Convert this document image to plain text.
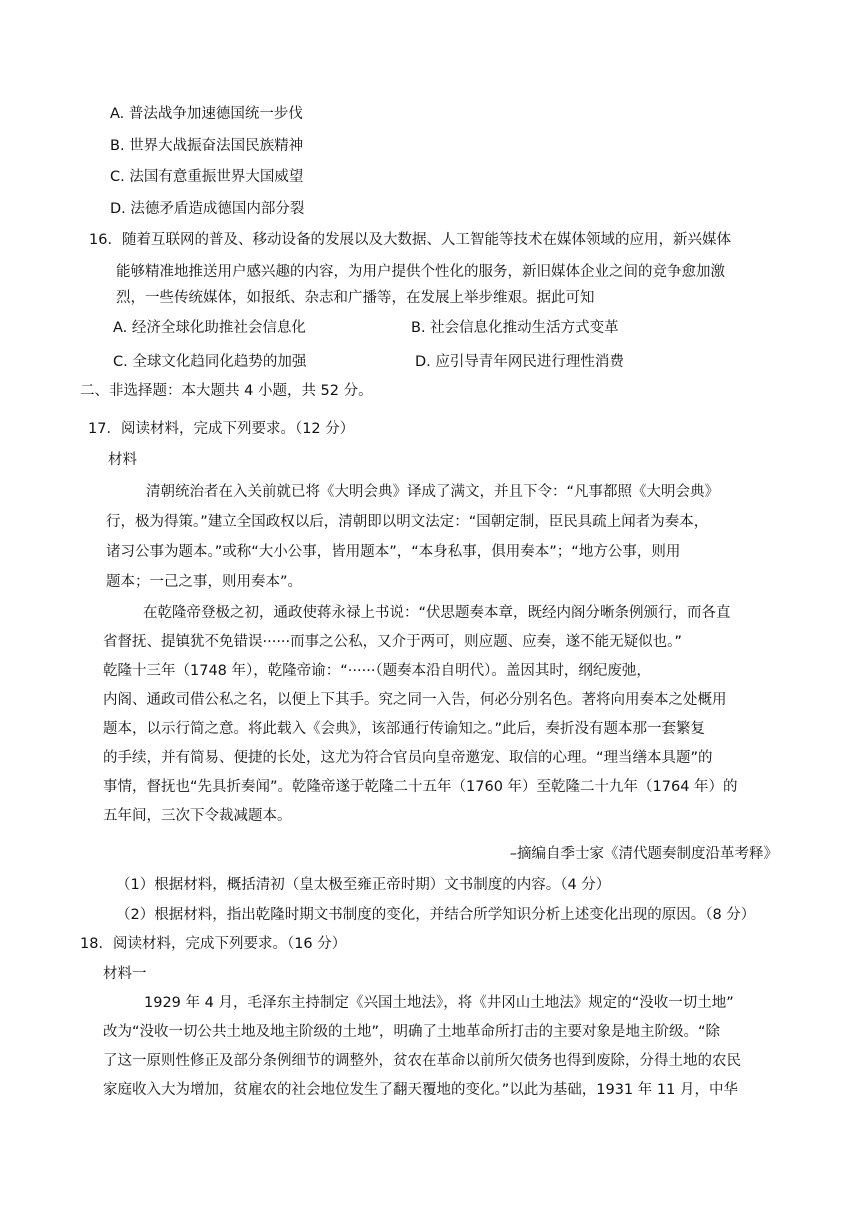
A. 普法战争加速德国统一步伐
B. 世界大战振奋法国民族精神
C. 法国有意重振世界大国威望
D. 法德矛盾造成德国内部分裂
16．随着互联网的普及、移动设备的发展以及大数据、人工智能等技术在媒体领域的应用，新兴媒体
能够精准地推送用户感兴趣的内容，为用户提供个性化的服务，新旧媒体企业之间的竞争愈加激
烈，一些传统媒体，如报纸、杂志和广播等，在发展上举步维艰。据此可知
A. 经济全球化助推社会信息化	B. 社会信息化推动生活方式变革
C. 全球文化趋同化趋势的加强	D. 应引导青年网民进行理性消费
二、非选择题：本大题共 4 小题，共 52 分。
17．阅读材料，完成下列要求。（12 分）
材料
清朝统治者在入关前就已将《大明会典》译成了满文，并且下令：“凡事都照《大明会典》
行，极为得策。”建立全国政权以后，清朝即以明文法定：“国朝定制，臣民具疏上闻者为奏本，
诸习公事为题本。”或称“大小公事，皆用题本”，“本身私事，俱用奏本”；“地方公事，则用
题本；一己之事，则用奏本”。
在乾隆帝登极之初，通政使蒋永禄上书说：“伏思题奏本章，既经内阁分晰条例颁行，而各直
省督抚、提镇犹不免错误······而事之公私，又介于两可，则应题、应奏，遂不能无疑似也。”
乾隆十三年（1748 年），乾隆帝谕：“······（题奏本沿自明代）。盖因其时，纲纪废弛，
内阁、通政司借公私之名，以便上下其手。究之同一入告，何必分别名色。著将向用奏本之处概用
题本，以示行简之意。将此载入《会典》，该部通行传谕知之。”此后，奏折没有题本那一套繁复
的手续，并有简易、便捷的长处，这尤为符合官员向皇帝邀宠、取信的心理。“理当缮本具题”的
事情，督抚也“先具折奏闻”。乾隆帝遂于乾隆二十五年（1760 年）至乾隆二十九年（1764 年）的
五年间，三次下令裁减题本。
–摘编自季士家《清代题奏制度沿革考释》
（1）根据材料，概括清初（皇太极至雍正帝时期）文书制度的内容。（4 分）
（2）根据材料，指出乾隆时期文书制度的变化，并结合所学知识分析上述变化出现的原因。（8 分）
18．阅读材料，完成下列要求。（16 分）
材料一
1929 年 4 月，毛泽东主持制定《兴国土地法》，将《井冈山土地法》规定的“没收一切土地”
改为“没收一切公共土地及地主阶级的土地”，明确了土地革命所打击的主要对象是地主阶级。“除
了这一原则性修正及部分条例细节的调整外，贫农在革命以前所欠债务也得到废除，分得土地的农民
家庭收入大为增加，贫雇农的社会地位发生了翻天覆地的变化。”以此为基础，1931 年 11 月，中华
